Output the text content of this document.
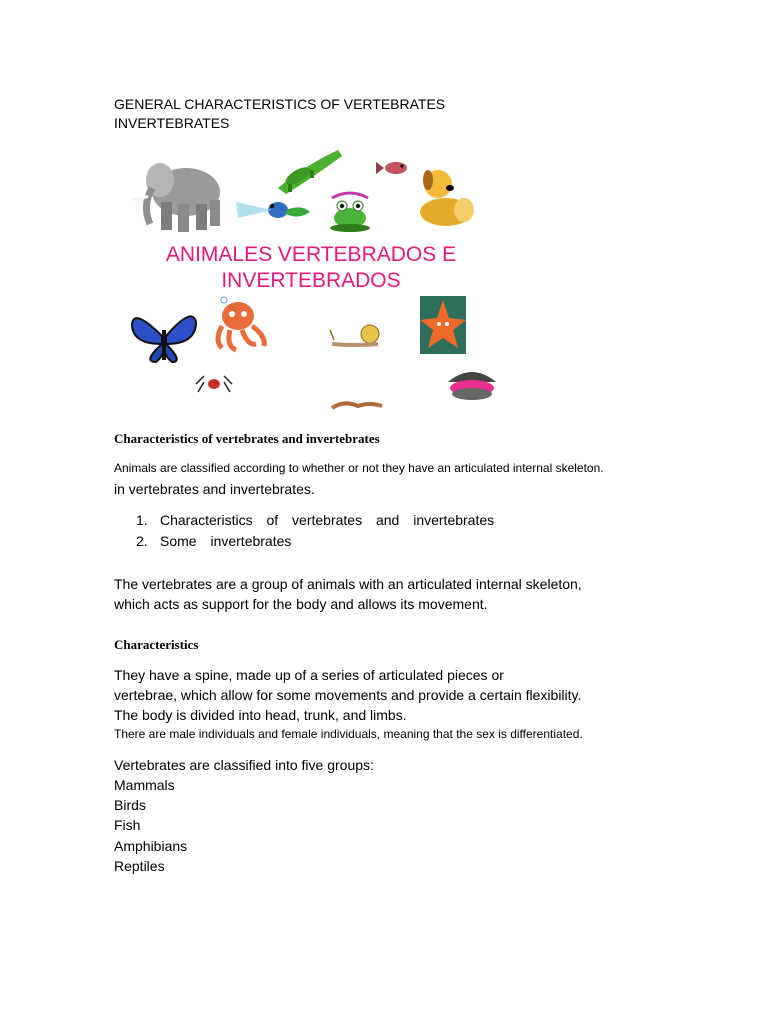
GENERAL CHARACTERISTICS OF VERTEBRATES
INVERTEBRATES
ANIMALES VERTEBRADOS E
INVERTEBRADOS
Characteristics of vertebrates and invertebrates
Animals are classified according to whether or not they have an articulated internal skeleton.
in vertebrates and invertebrates.
1. Characteristics of vertebrates and invertebrates
2. Some invertebrates
The vertebrates are a group of animals with an articulated internal skeleton,
which acts as support for the body and allows its movement.
Characteristics
They have a spine, made up of a series of articulated pieces or
vertebrae, which allow for some movements and provide a certain flexibility.
The body is divided into head, trunk, and limbs.
There are male individuals and female individuals, meaning that the sex is differentiated.
Vertebrates are classified into five groups:
Mammals
Birds
Fish
Amphibians
Reptiles
